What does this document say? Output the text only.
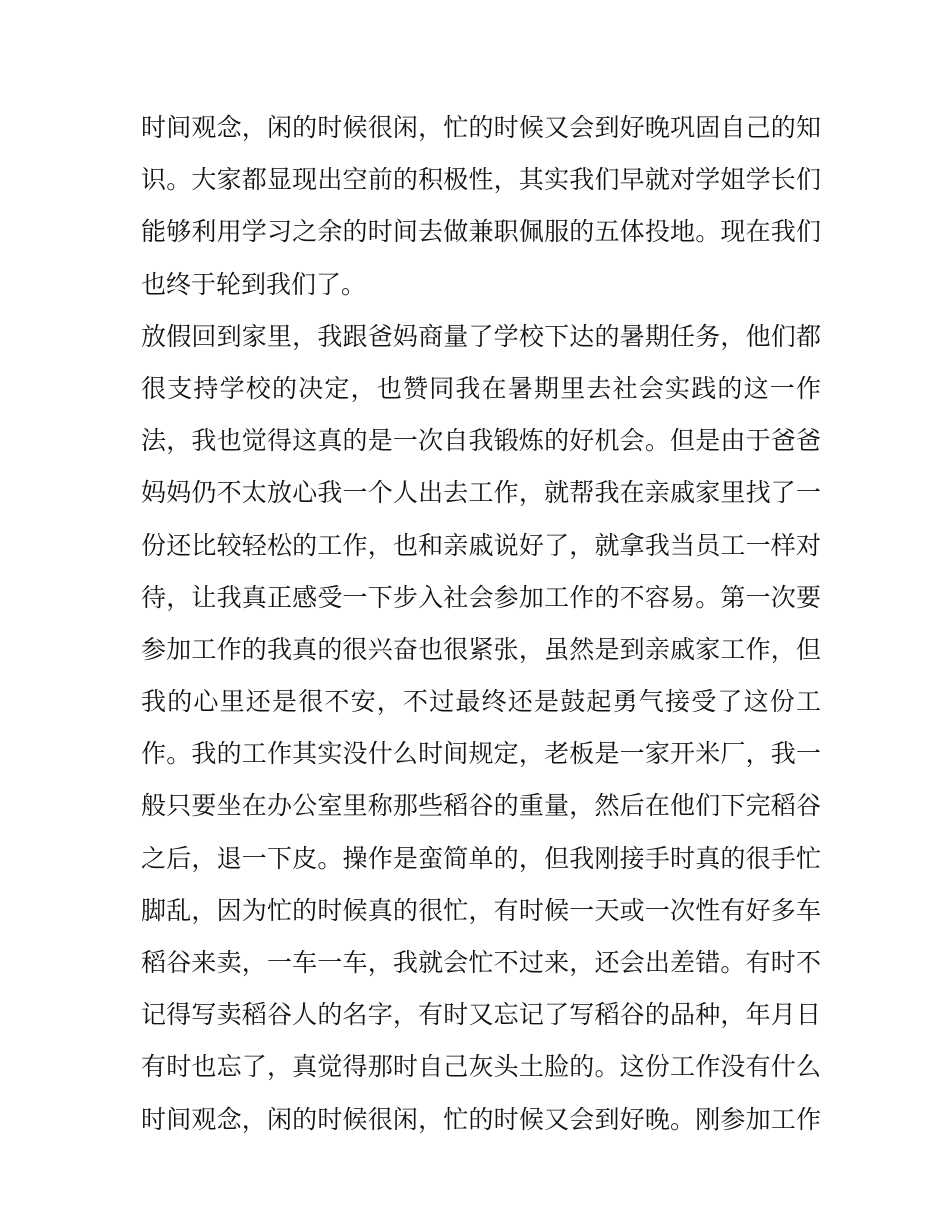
时间观念，闲的时候很闲，忙的时候又会到好晚巩固自己的知
识。大家都显现出空前的积极性，其实我们早就对学姐学长们
能够利用学习之余的时间去做兼职佩服的五体投地。现在我们
也终于轮到我们了。
放假回到家里，我跟爸妈商量了学校下达的暑期任务，他们都
很支持学校的决定，也赞同我在暑期里去社会实践的这一作
法，我也觉得这真的是一次自我锻炼的好机会。但是由于爸爸
妈妈仍不太放心我一个人出去工作，就帮我在亲戚家里找了一
份还比较轻松的工作，也和亲戚说好了，就拿我当员工一样对
待，让我真正感受一下步入社会参加工作的不容易。第一次要
参加工作的我真的很兴奋也很紧张，虽然是到亲戚家工作，但
我的心里还是很不安，不过最终还是鼓起勇气接受了这份工
作。我的工作其实没什么时间规定，老板是一家开米厂，我一
般只要坐在办公室里称那些稻谷的重量，然后在他们下完稻谷
之后，退一下皮。操作是蛮简单的，但我刚接手时真的很手忙
脚乱，因为忙的时候真的很忙，有时候一天或一次性有好多车
稻谷来卖，一车一车，我就会忙不过来，还会出差错。有时不
记得写卖稻谷人的名字，有时又忘记了写稻谷的品种，年月日
有时也忘了，真觉得那时自己灰头土脸的。这份工作没有什么
时间观念，闲的时候很闲，忙的时候又会到好晚。刚参加工作
